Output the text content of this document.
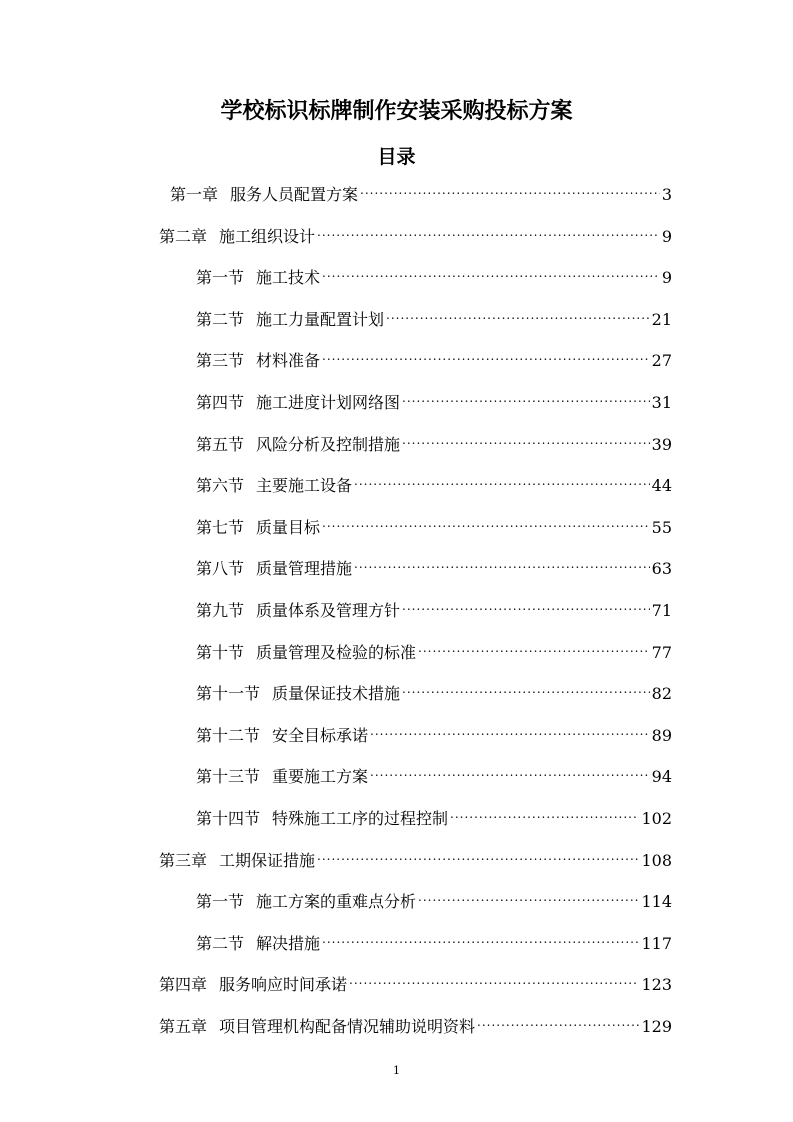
学校标识标牌制作安装采购投标方案
目录
第一章 服务人员配置方案 .....	3
第二章 施工组织设计 .....	9
第一节 施工技术 .....	9
第二节 施工力量配置计划 .....	21
第三节 材料准备 .....	27
第四节 施工进度计划网络图 .....	31
第五节 风险分析及控制措施 .....	39
第六节 主要施工设备 .....	44
第七节 质量目标 .....	55
第八节 质量管理措施 .....	63
第九节 质量体系及管理方针 .....	71
第十节 质量管理及检验的标准 .....	77
第十一节 质量保证技术措施 .....	82
第十二节 安全目标承诺 .....	89
第十三节 重要施工方案 .....	94
第十四节 特殊施工工序的过程控制 .....	102
第三章 工期保证措施 .....	108
第一节 施工方案的重难点分析 .....	114
第二节 解决措施 .....	117
第四章 服务响应时间承诺 .....	123
第五章 项目管理机构配备情况辅助说明资料 .....	129
1
